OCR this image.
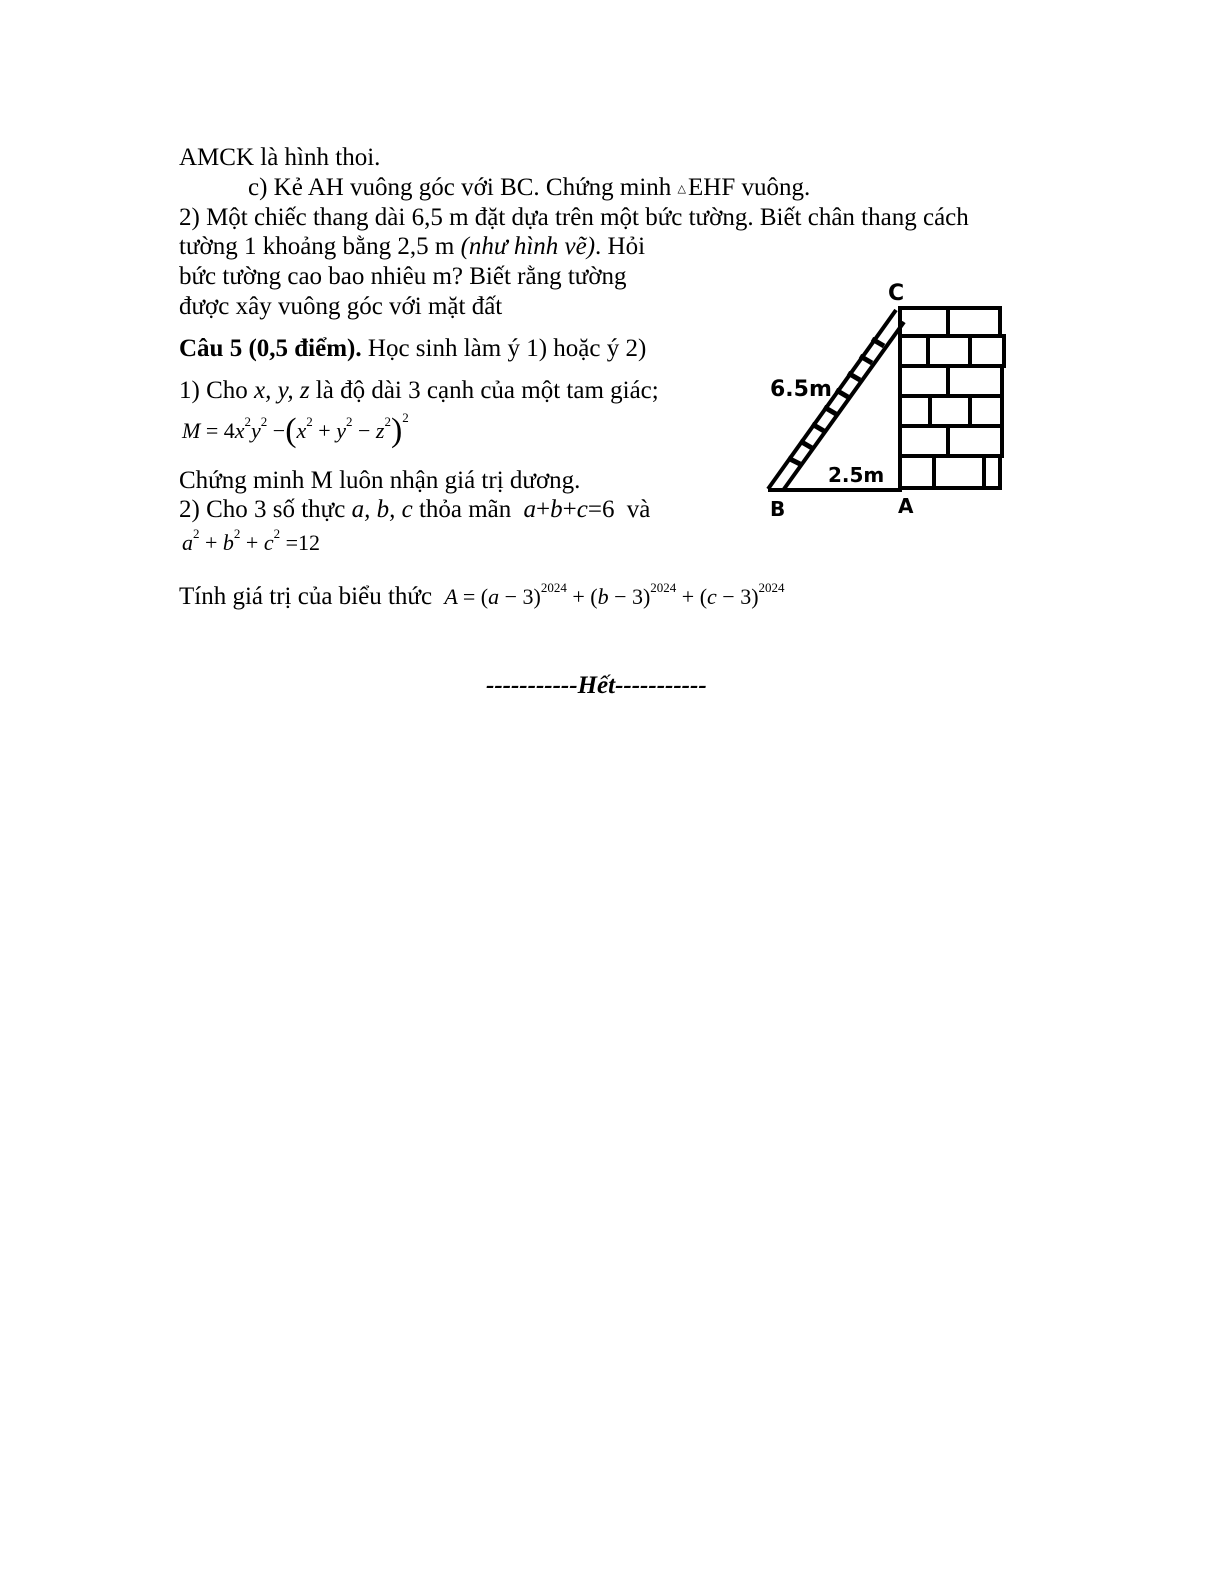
AMCK là hình thoi.
c) Kẻ AH vuông góc với BC. Chứng minh △EHF vuông.
2) Một chiếc thang dài 6,5 m đặt dựa trên một bức tường. Biết chân thang cách
tường 1 khoảng bằng 2,5 m (như hình vẽ). Hỏi
bức tường cao bao nhiêu m? Biết rằng tường
được xây vuông góc với mặt đất
Câu 5 (0,5 điểm). Học sinh làm ý 1) hoặc ý 2)
1) Cho x, y, z là độ dài 3 cạnh của một tam giác;
$M = 4x^2y^2 -(x^2 + y^2 - z^2)^2$
Chứng minh M luôn nhận giá trị dương.
2) Cho 3 số thực a, b, c thỏa mãn a+b+c=6 và
$a^2 + b^2 + c^2 =12$
Tính giá trị của biểu thức $A = (a - 3)^{2024} + (b - 3)^{2024} + (c - 3)^{2024}$
-----------Hết-----------
C
6.5m
2.5m
B	A
